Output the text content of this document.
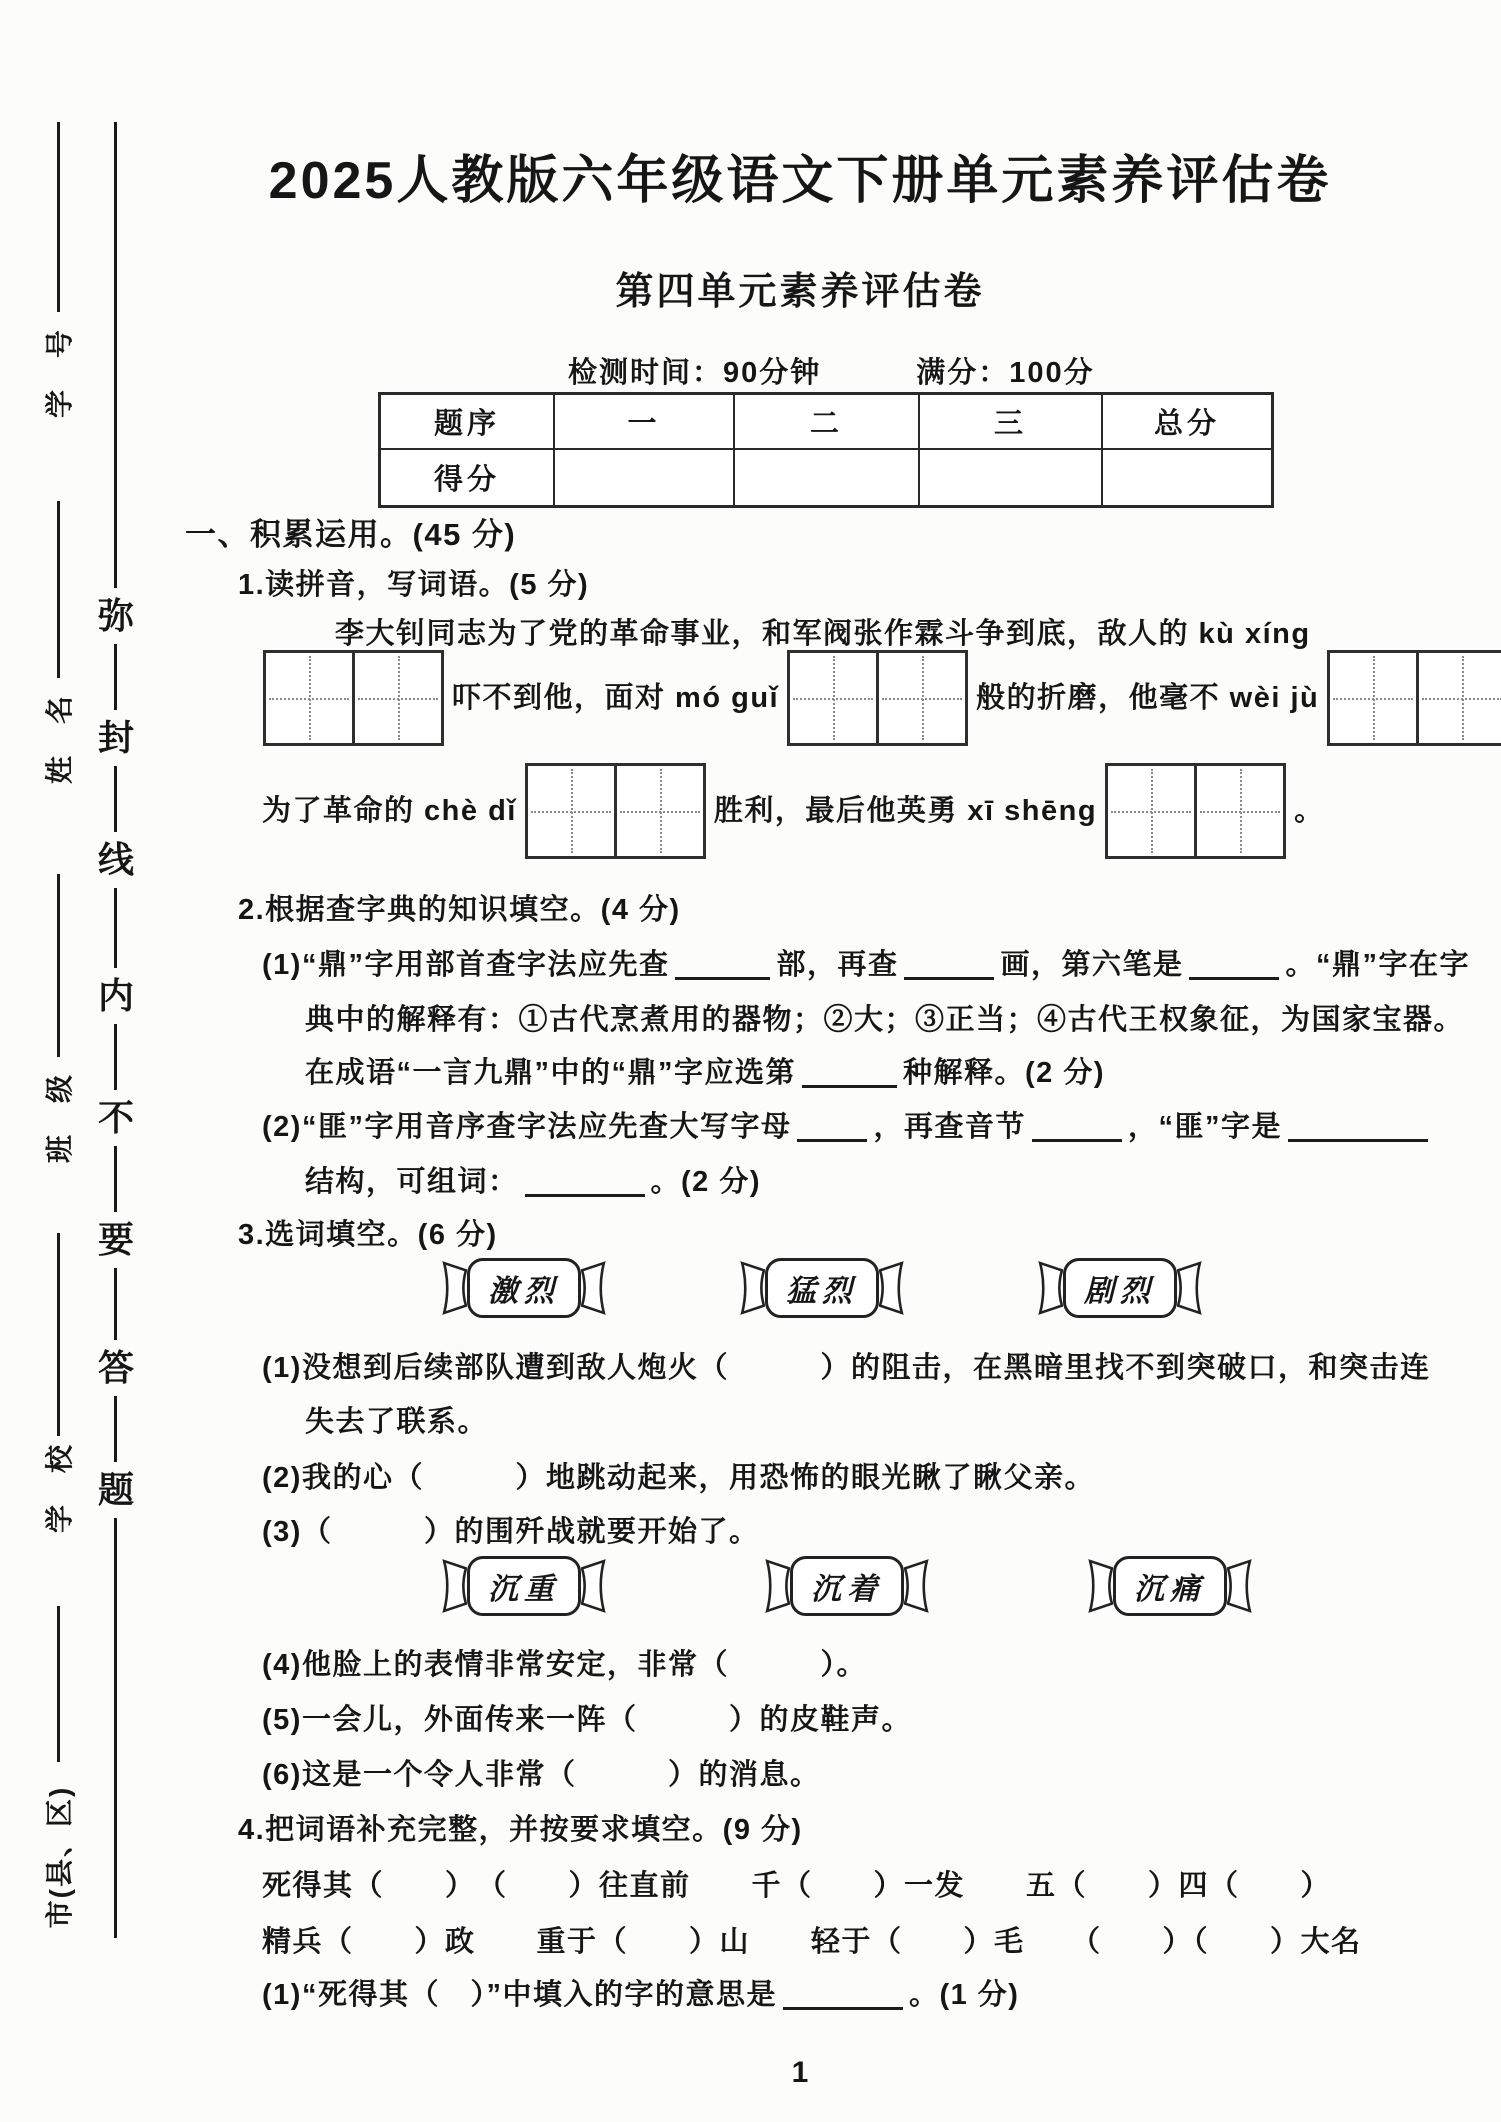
学　号
姓　名
班　级
学　校
市(县、区)
弥
封
线
内
不
要
答
题
2025人教版六年级语文下册单元素养评估卷
第四单元素养评估卷
检测时间：90分钟	满分：100分
题序	一	二	三	总分
得分
一、积累运用。(45 分)
1.读拼音，写词语。(5 分)
李大钊同志为了党的革命事业，和军阀张作霖斗争到底，敌人的 kù xíng
吓不到他，面对 mó guǐ	般的折磨，他毫不 wèi jù
为了革命的 chè dǐ	胜利，最后他英勇 xī shēng	。
2.根据查字典的知识填空。(4 分)
(1)“鼎”字用部首查字法应先查	部，再查	画，第六笔是	。“鼎”字在字
典中的解释有：①古代烹煮用的器物；②大；③正当；④古代王权象征，为国家宝器。
在成语“一言九鼎”中的“鼎”字应选第	种解释。(2 分)
(2)“匪”字用音序查字法应先查大写字母	，再查音节	，“匪”字是
结构，可组词：	。(2 分)
3.选词填空。(6 分)
激烈	猛烈	剧烈
(1)没想到后续部队遭到敌人炮火（　　　）的阻击，在黑暗里找不到突破口，和突击连
失去了联系。
(2)我的心（　　　）地跳动起来，用恐怖的眼光瞅了瞅父亲。
(3)（　　　）的围歼战就要开始了。
沉重	沉着	沉痛
(4)他脸上的表情非常安定，非常（　　　）。
(5)一会儿，外面传来一阵（　　　）的皮鞋声。
(6)这是一个令人非常（　　　）的消息。
4.把词语补充完整，并按要求填空。(9 分)
死得其（　　）　（　　）往直前　　千（　　）一发　　五（　　）四（　　）
精兵（　　）政　　重于（　　）山　　轻于（　　）毛　　（　　）（　　）大名
(1)“死得其（　）”中填入的字的意思是	。(1 分)
1
